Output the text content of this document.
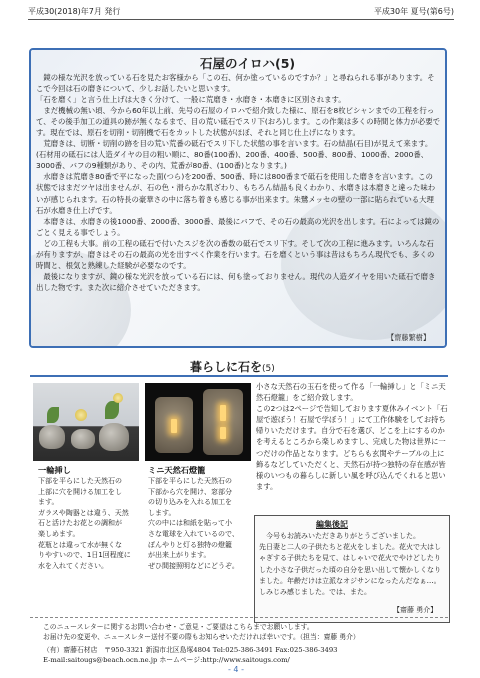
平成30(2018)年7月 発行	平成30年 夏号(第6号)
石屋のイロハ(5)

　鏡の様な光沢を放っている石を見たお客様から「この石、何か塗っているのですか？」と尋ねられる事があります。そこで今回は石の磨きについて、少しお話したいと思います。

「石を磨く」と言う仕上げは大きく分けて、一般に荒磨き・水磨き・本磨きに区別されます。

　まだ機械の無い頃、今から60年以上前、先号の石屋のイロハで紹介致した様に、原石を8枚ビシャンまでの工程を行って、その後手加工の道具の跡が無くなるまで、目の荒い砥石でスリ下(おろ)します。この作業は多くの時間と体力が必要です。現在では、原石を切削・切削機で石をカットした状態がほぼ、それと同じ仕上げになります。

　荒磨きは、切断・切削の跡を目の荒い荒番の砥石でスリ下した状態の事を言います。石の結晶(石目)が見えて来ます。(石材用の砥石には人造ダイヤの目の粗い順に、80番(100番)、200番、400番、500番、800番、1000番、2000番、3000番、バフの9種類があり、その内、荒番が80番、(100番)となります。)

　水磨きは荒磨き80番で平になった面(つら)を200番、500番、時には800番まで砥石を使用した磨きを言います。この状態ではまだツヤは出ませんが、石の色・滑らかな肌ざわり、もちろん結晶も良くわかり、水磨きは本磨きと違った味わいが感じられます。石の特長の豪華さの中に落ち着きも感じる事が出来ます。朱鷺メッセの壁の一部に貼られている大理石が水磨き仕上げです。

　本磨きは、水磨きの後1000番、2000番、3000番、最後にバフで、その石の最高の光沢を出します。石によっては鏡のごとく見える事でしょう。

　どの工程も大事。前の工程の砥石で付いたスジを次の番数の砥石でスリ下す。そして次の工程に進みます。いろんな石が有りますが、磨きはその石の最高の光を出すべく作業を行います。石を磨くという事は昔はもちろん現代でも、多くの時間と、根気と熟練した経験が必要なのです。

　最後になりますが、鏡の様な光沢を放っている石には、何も塗っておりません。現代の人造ダイヤを用いた砥石で磨き出した物です。また次に紹介させていただきます。

【齋藤繁樹】
暮らしに石を(5)
一輪挿し

下部を平らにした天然石の

上部に穴を開ける加工をし

ます。

ガラスや陶器とは違う、天然

石と活けたお花との調和が

楽しめます。

花瓶とは違って水が無くな

りやすいので、1日1回程度に

水を入れてください。

ミニ天然石燈籠

下部を平らにした天然石の

下部から穴を開け、窓部分

の切り込みを入れる加工を

します。

穴の中には和紙を貼って小

さな電球を入れているので、

ぼんやりと灯る独特の燈籠

が出来上がります。

ぜひ間接照明などにどうぞ。

小さな天然石の玉石を使って作る「一輪挿し」と「ミニ天然石燈籠」をご紹介致します。

この2つは2ページで告知しております夏休みイベント「石屋で遊ぼう！石屋で学ぼう！」にて工作体験をしてお持ち帰りいただけます。自分で石を選び、どこを上にするのかを考えるところから楽しめますし、完成した物は世界に一つだけの作品となります。どちらも玄関やテーブルの上に飾るなどしていただくと、天然石が持つ独特の存在感が皆様のいつもの暮らしに新しい風を呼び込んでくれると思います。

編集後記

　今号もお読みいただきありがとうございました。

先日妻と二人の子供たちと花火をしました。花火で大はしゃぎする子供たちを見て、はしゃいで花火でやけどしたりした小さな子供だった頃の自分を思い出して懐かしくなりました。年齢だけは立派なオジサンになったんだなぁ…。しみじみ感じました。では、また。

【齋藤 勇介】

このニュースレターに関するお問い合わせ・ご意見・ご要望はこちらまでお願いします。

お届け先の変更や、ニュースレター送付不要の際もお知らせいただければ幸いです。（担当：齋藤 勇介）

（有）齋藤石材店　 〒950-3321 新潟市北区島塚4804 Tel:025-386-3491 Fax:025-386-3493

E-mail:saitougs@beach.ocn.ne.jp ホームページ:http://www.saitougs.com/

- 4 -
